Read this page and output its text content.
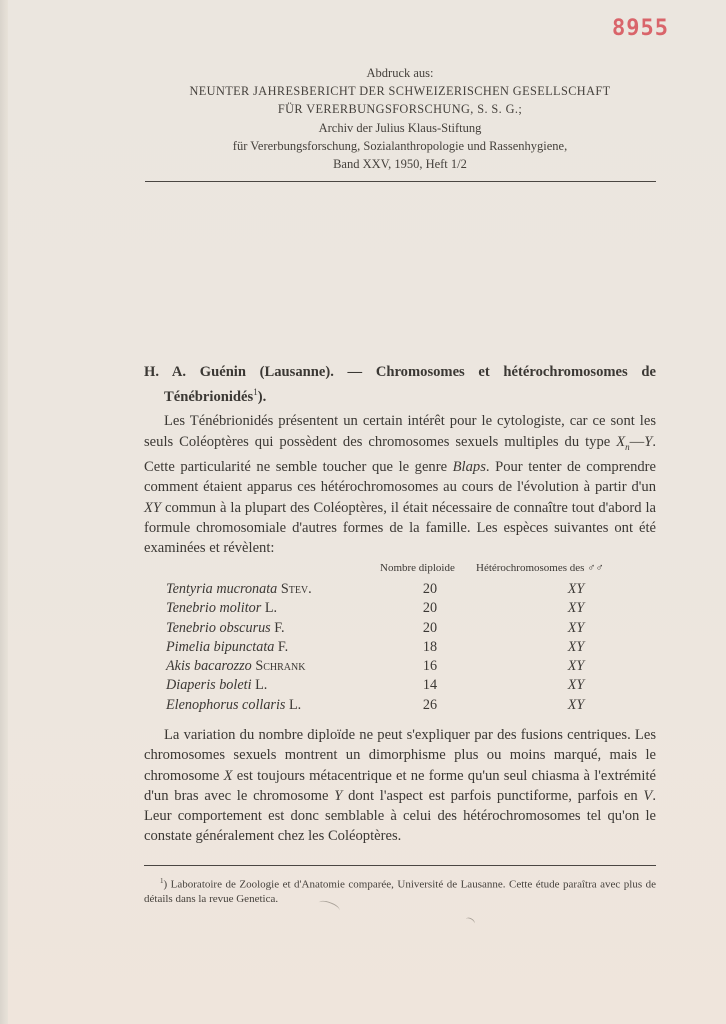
8955
Abdruck aus:
NEUNTER JAHRESBERICHT DER SCHWEIZERISCHEN GESELLSCHAFT
FÜR VERERBUNGSFORSCHUNG, S. S. G.;
Archiv der Julius Klaus-Stiftung
für Vererbungsforschung, Sozialanthropologie und Rassenhygiene,
Band XXV, 1950, Heft 1/2

H. A. Guénin (Lausanne). — Chromosomes et hétérochromosomes de Ténébrionidés$^1$).

Les Ténébrionidés présentent un certain intérêt pour le cytologiste, car ce sont les seuls Coléoptères qui possèdent des chromosomes sexuels multiples du type $X_n—Y$. Cette particularité ne semble toucher que le genre Blaps. Pour tenter de comprendre comment étaient apparus ces hétérochromosomes au cours de l'évolution à partir d'un XY commun à la plupart des Coléoptères, il était nécessaire de connaître tout d'abord la formule chromosomiale d'autres formes de la famille. Les espèces suivantes ont été examinées et révèlent:

Nombre diploide Hétérochromosomes des ♂♂
Tentyria mucronata Stev.	20	XY
Tenebrio molitor L.	20	XY
Tenebrio obscurus F.	20	XY
Pimelia bipunctata F.	18	XY
Akis bacarozzo Schrank	16	XY
Diaperis boleti L.	14	XY
Elenophorus collaris L.	26	XY

La variation du nombre diploïde ne peut s'expliquer par des fusions centriques. Les chromosomes sexuels montrent un dimorphisme plus ou moins marqué, mais le chromosome X est toujours métacentrique et ne forme qu'un seul chiasma à l'extrémité d'un bras avec le chromosome Y dont l'aspect est parfois punctiforme, parfois en V. Leur comportement est donc semblable à celui des hétérochromosomes tel qu'on le constate généralement chez les Coléoptères.

$^1$) Laboratoire de Zoologie et d'Anatomie comparée, Université de Lausanne. Cette étude paraîtra avec plus de détails dans la revue Genetica.
